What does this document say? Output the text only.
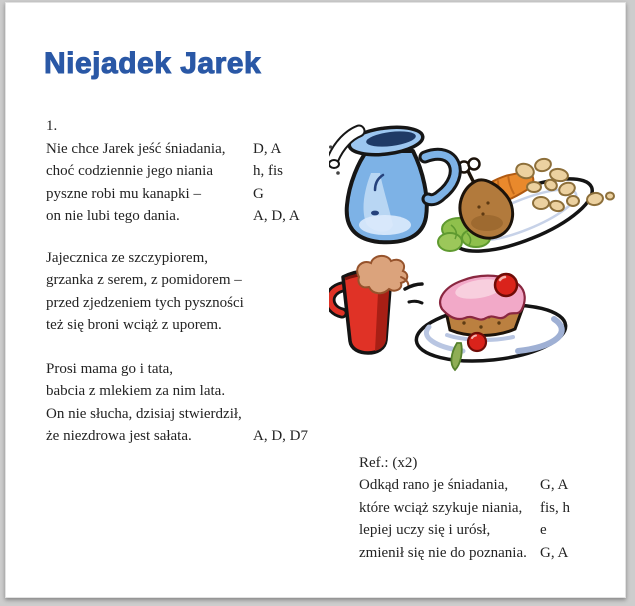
Niejadek Jarek
1.
Nie chce Jarek jeść śniadania, D, A
choć codziennie jego niania	h, fis
pyszne robi mu kanapki –	G
on nie lubi tego dania.	A, D, A
Jajecznica ze szczypiorem,
grzanka z serem, z pomidorem –
przed zjedzeniem tych pyszności
też się broni wciąż z uporem.
Prosi mama go i tata,
babcia z mlekiem za nim lata.
On nie słucha, dzisiaj stwierdził,
że niezdrowa jest sałata.	A, D, D7
Ref.: (x2)
Odkąd rano je śniadania, G, A
które wciąż szykuje niania, fis, h
lepiej uczy się i urósł,	e
zmienił się nie do poznania. G, A
